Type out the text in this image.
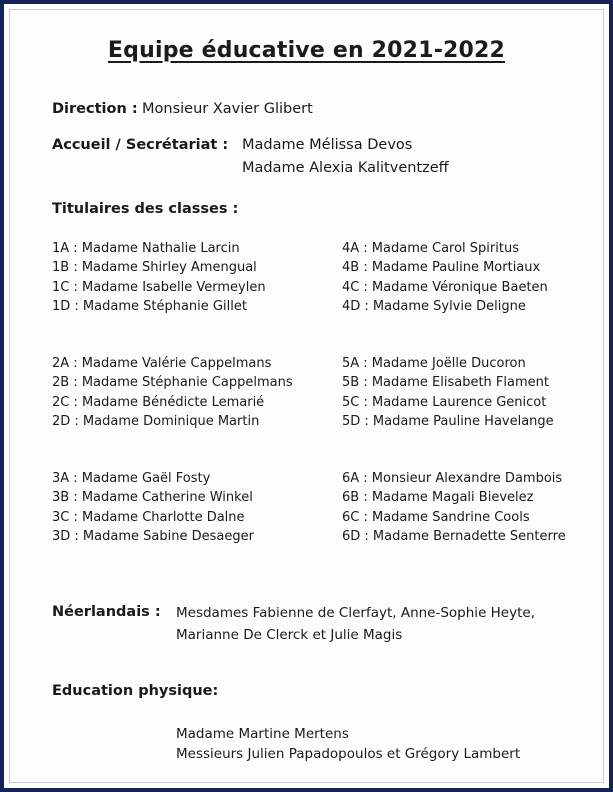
Equipe éducative en 2021-2022
Direction : Monsieur Xavier Glibert
Accueil / Secrétariat : Madame Mélissa Devos
Madame Alexia Kalitventzeff
Titulaires des classes :
1A : Madame Nathalie Larcin
1B : Madame Shirley Amengual
1C : Madame Isabelle Vermeylen
1D : Madame Stéphanie Gillet
4A : Madame Carol Spiritus
4B : Madame Pauline Mortiaux
4C : Madame Véronique Baeten
4D : Madame Sylvie Deligne
2A : Madame Valérie Cappelmans
2B : Madame Stéphanie Cappelmans
2C : Madame Bénédicte Lemarié
2D : Madame Dominique Martin
5A : Madame Joëlle Ducoron
5B : Madame Elisabeth Flament
5C : Madame Laurence Genicot
5D : Madame Pauline Havelange
3A : Madame Gaël Fosty
3B : Madame Catherine Winkel
3C : Madame Charlotte Dalne
3D : Madame Sabine Desaeger
6A : Monsieur Alexandre Dambois
6B : Madame Magali Bievelez
6C : Madame Sandrine Cools
6D : Madame Bernadette Senterre
Néerlandais : Mesdames Fabienne de Clerfayt, Anne-Sophie Heyte,
Marianne De Clerck et Julie Magis
Education physique:
Madame Martine Mertens
Messieurs Julien Papadopoulos et Grégory Lambert
